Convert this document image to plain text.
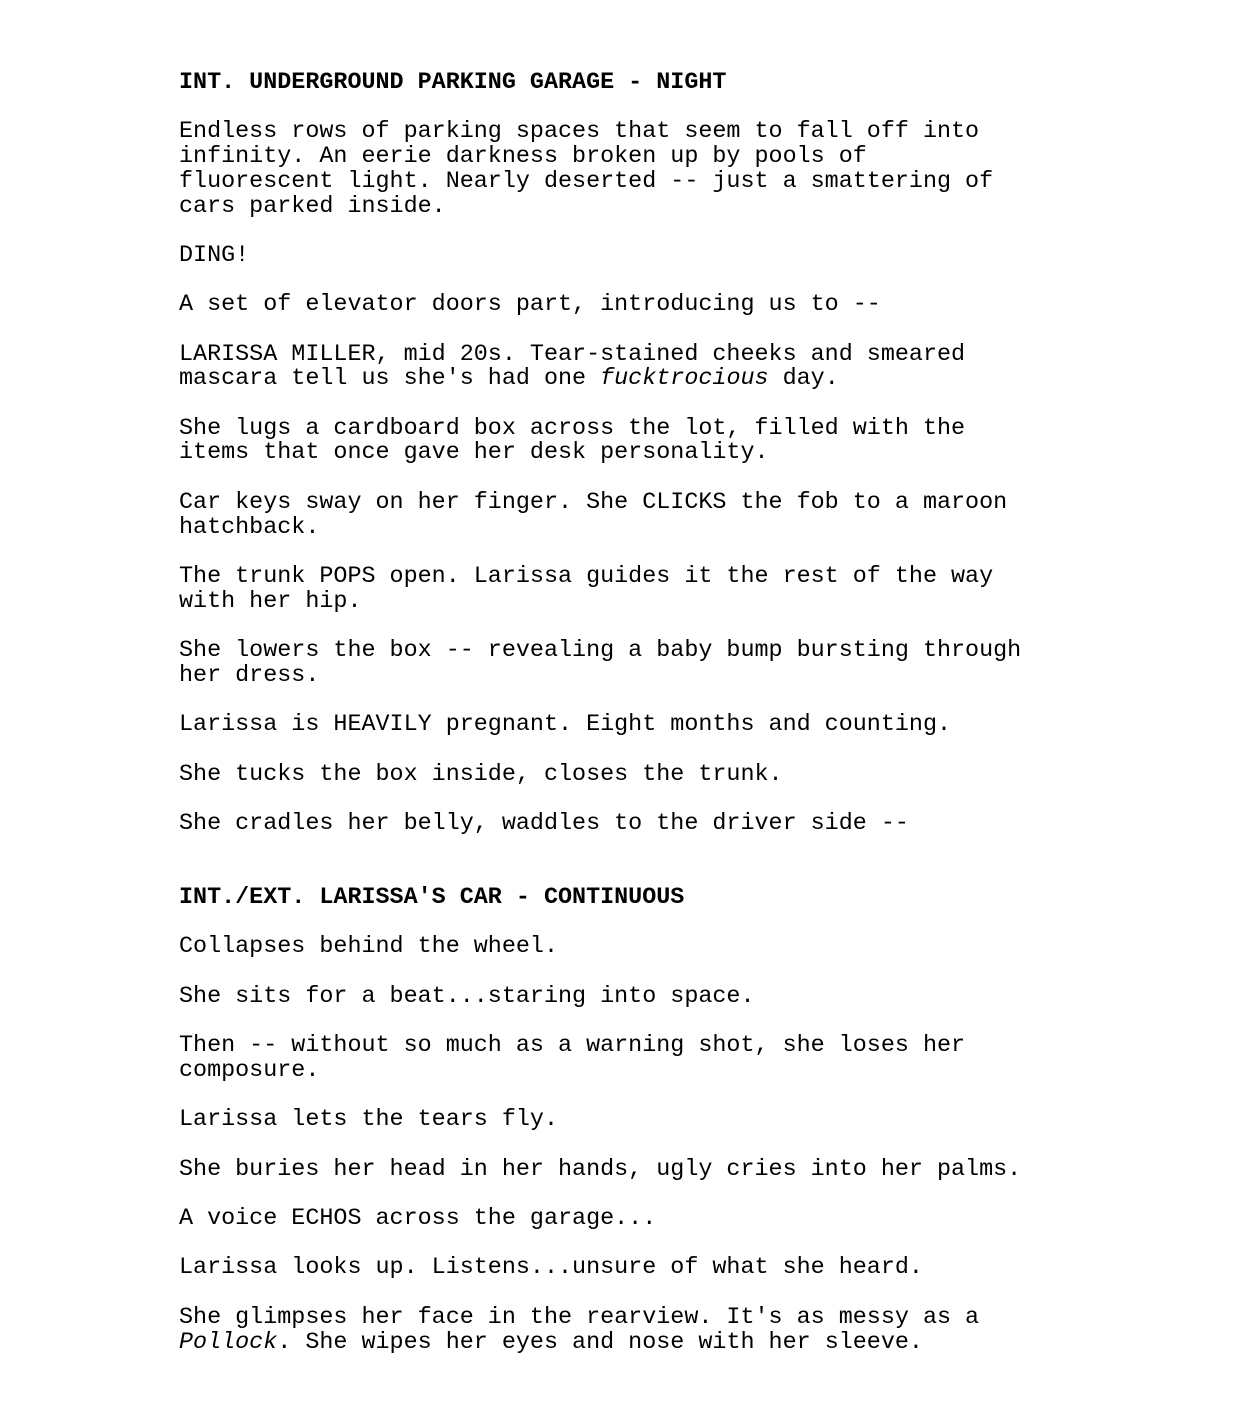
INT. UNDERGROUND PARKING GARAGE - NIGHT

Endless rows of parking spaces that seem to fall off into

infinity. An eerie darkness broken up by pools of

fluorescent light. Nearly deserted -- just a smattering of

cars parked inside.

DING!

A set of elevator doors part, introducing us to --

LARISSA MILLER, mid 20s. Tear-stained cheeks and smeared

mascara tell us she's had one fucktrocious day.

She lugs a cardboard box across the lot, filled with the

items that once gave her desk personality.

Car keys sway on her finger. She CLICKS the fob to a maroon

hatchback.

The trunk POPS open. Larissa guides it the rest of the way

with her hip.

She lowers the box -- revealing a baby bump bursting through

her dress.

Larissa is HEAVILY pregnant. Eight months and counting.

She tucks the box inside, closes the trunk.

She cradles her belly, waddles to the driver side --

INT./EXT. LARISSA'S CAR - CONTINUOUS

Collapses behind the wheel.

She sits for a beat...staring into space.

Then -- without so much as a warning shot, she loses her

composure.

Larissa lets the tears fly.

She buries her head in her hands, ugly cries into her palms.

A voice ECHOS across the garage...

Larissa looks up. Listens...unsure of what she heard.

She glimpses her face in the rearview. It's as messy as a

Pollock. She wipes her eyes and nose with her sleeve.
